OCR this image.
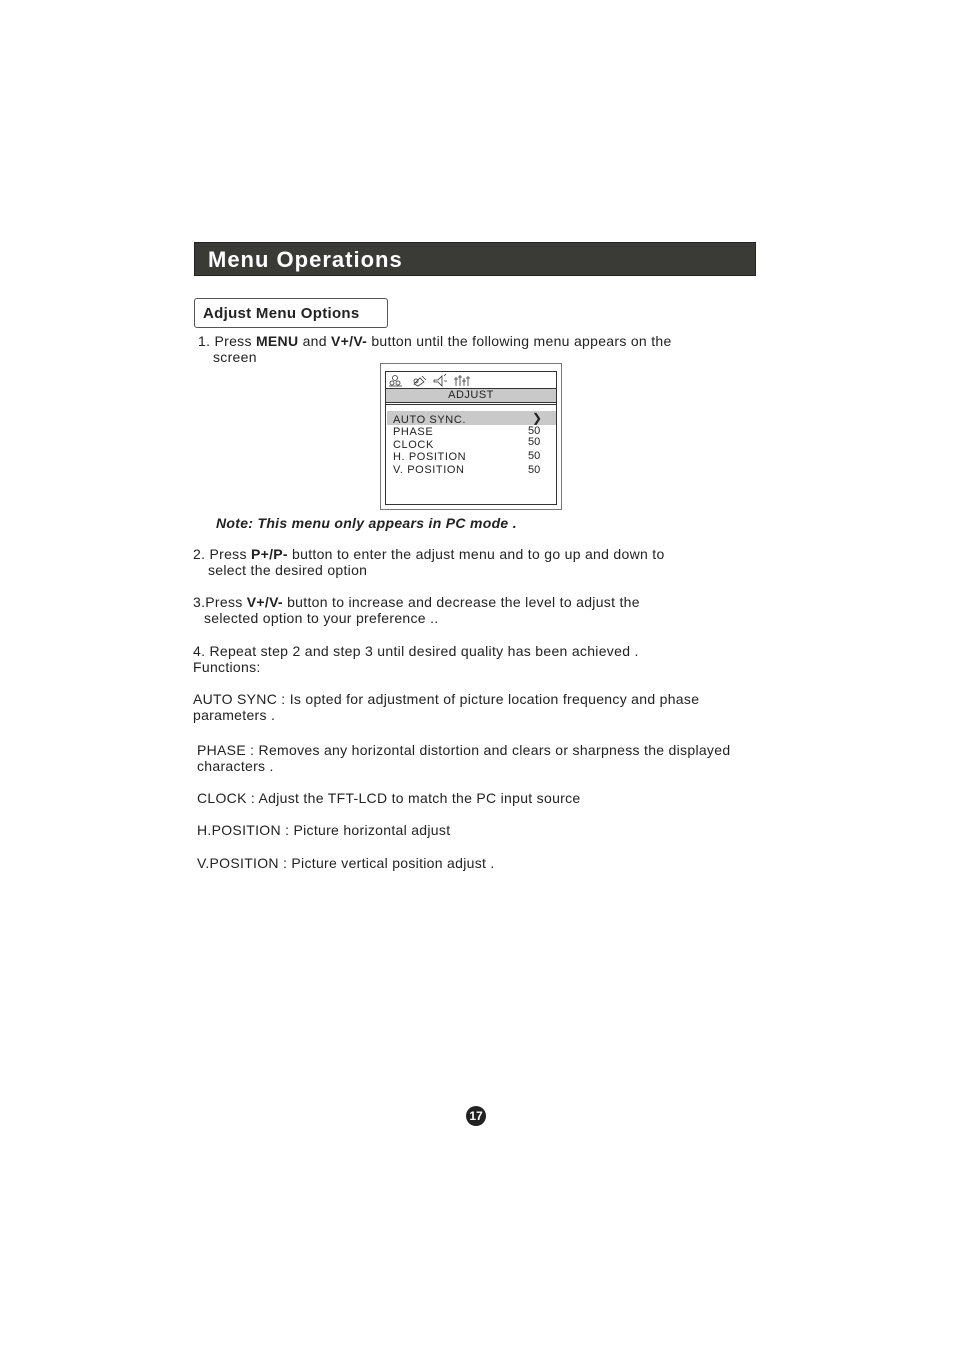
Menu Operations
Adjust Menu Options
1. Press MENU and V+/V- button until the following menu appears on the
screen
ADJUST
AUTO SYNC.	❯
PHASE	50
CLOCK	50
H. POSITION	50
V. POSITION	50
Note: This menu only appears in PC mode .
2. Press P+/P- button to enter the adjust menu and to go up and down to
select the desired option
3.Press V+/V- button to increase and decrease the level to adjust the
selected option to your preference ..
4. Repeat step 2 and step 3 until desired quality has been achieved .
Functions:
AUTO SYNC : Is opted for adjustment of picture location frequency and phase
parameters .
PHASE : Removes any horizontal distortion and clears or sharpness the displayed
characters .
CLOCK : Adjust the TFT-LCD to match the PC input source
H.POSITION : Picture horizontal adjust
V.POSITION : Picture vertical position adjust .
17
